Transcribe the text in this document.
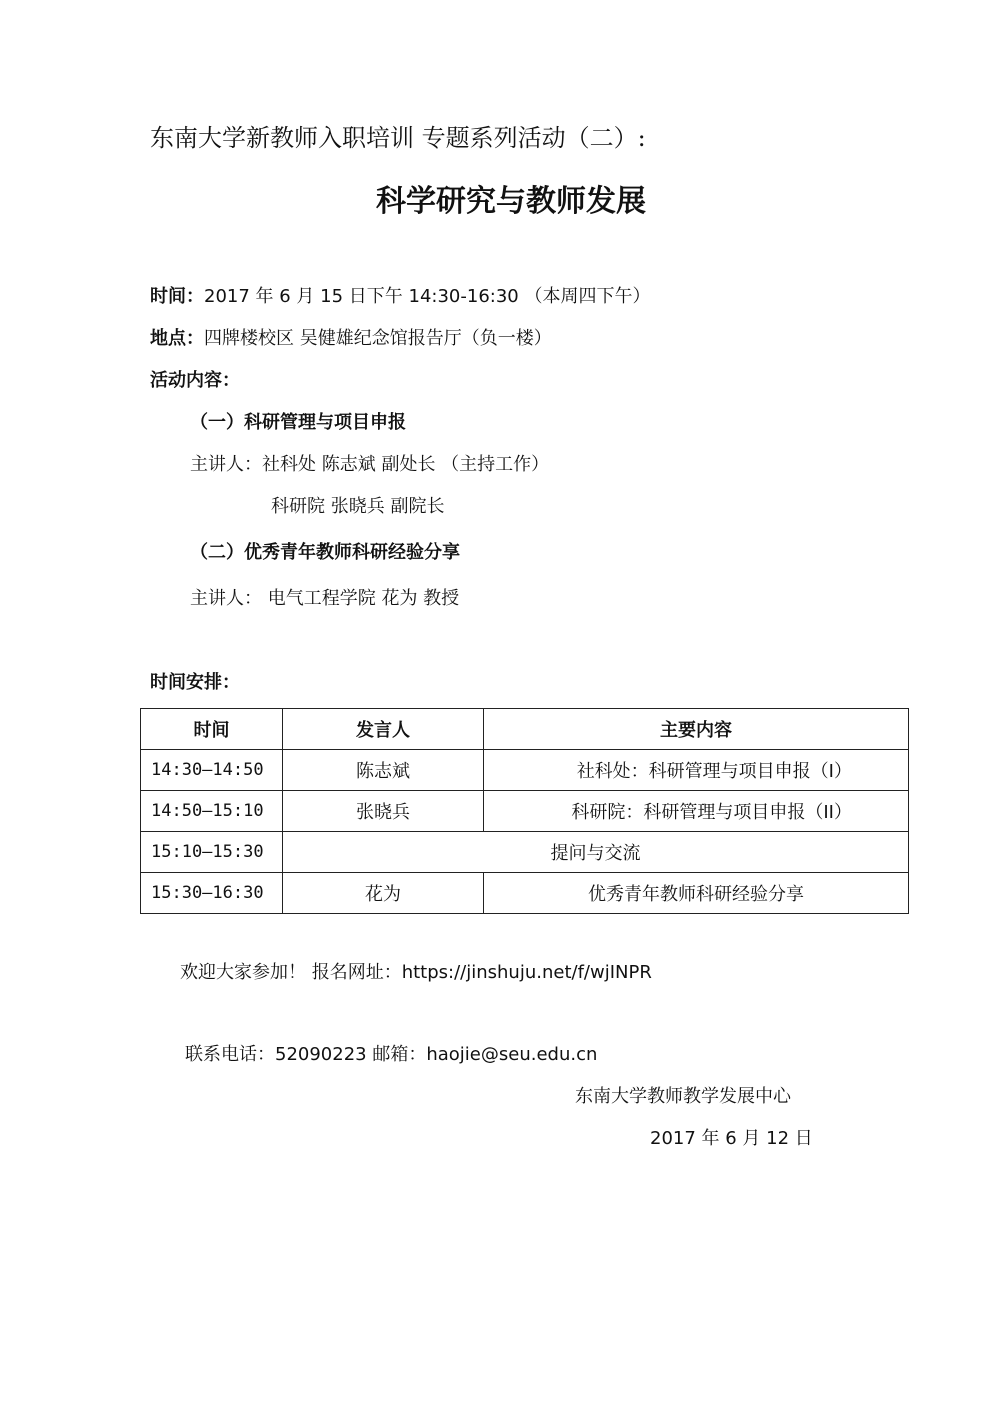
东南大学新教师入职培训 专题系列活动（二）:
科学研究与教师发展
时间：2017 年 6 月 15 日下午 14:30-16:30 （本周四下午）
地点：四牌楼校区 吴健雄纪念馆报告厅（负一楼）
活动内容：
（一）科研管理与项目申报
主讲人：社科处 陈志斌 副处长 （主持工作）
科研院 张晓兵 副院长
（二）优秀青年教师科研经验分享
主讲人： 电气工程学院 花为 教授
时间安排：
时间	发言人	主要内容
14:30—14:50	陈志斌	社科处：科研管理与项目申报（I）
14:50—15:10	张晓兵	科研院：科研管理与项目申报（II）
15:10—15:30	提问与交流	
15:30—16:30	花为	优秀青年教师科研经验分享
欢迎大家参加！ 报名网址：https://jinshuju.net/f/wjINPR
联系电话：52090223 邮箱：haojie@seu.edu.cn
东南大学教师教学发展中心
2017 年 6 月 12 日
